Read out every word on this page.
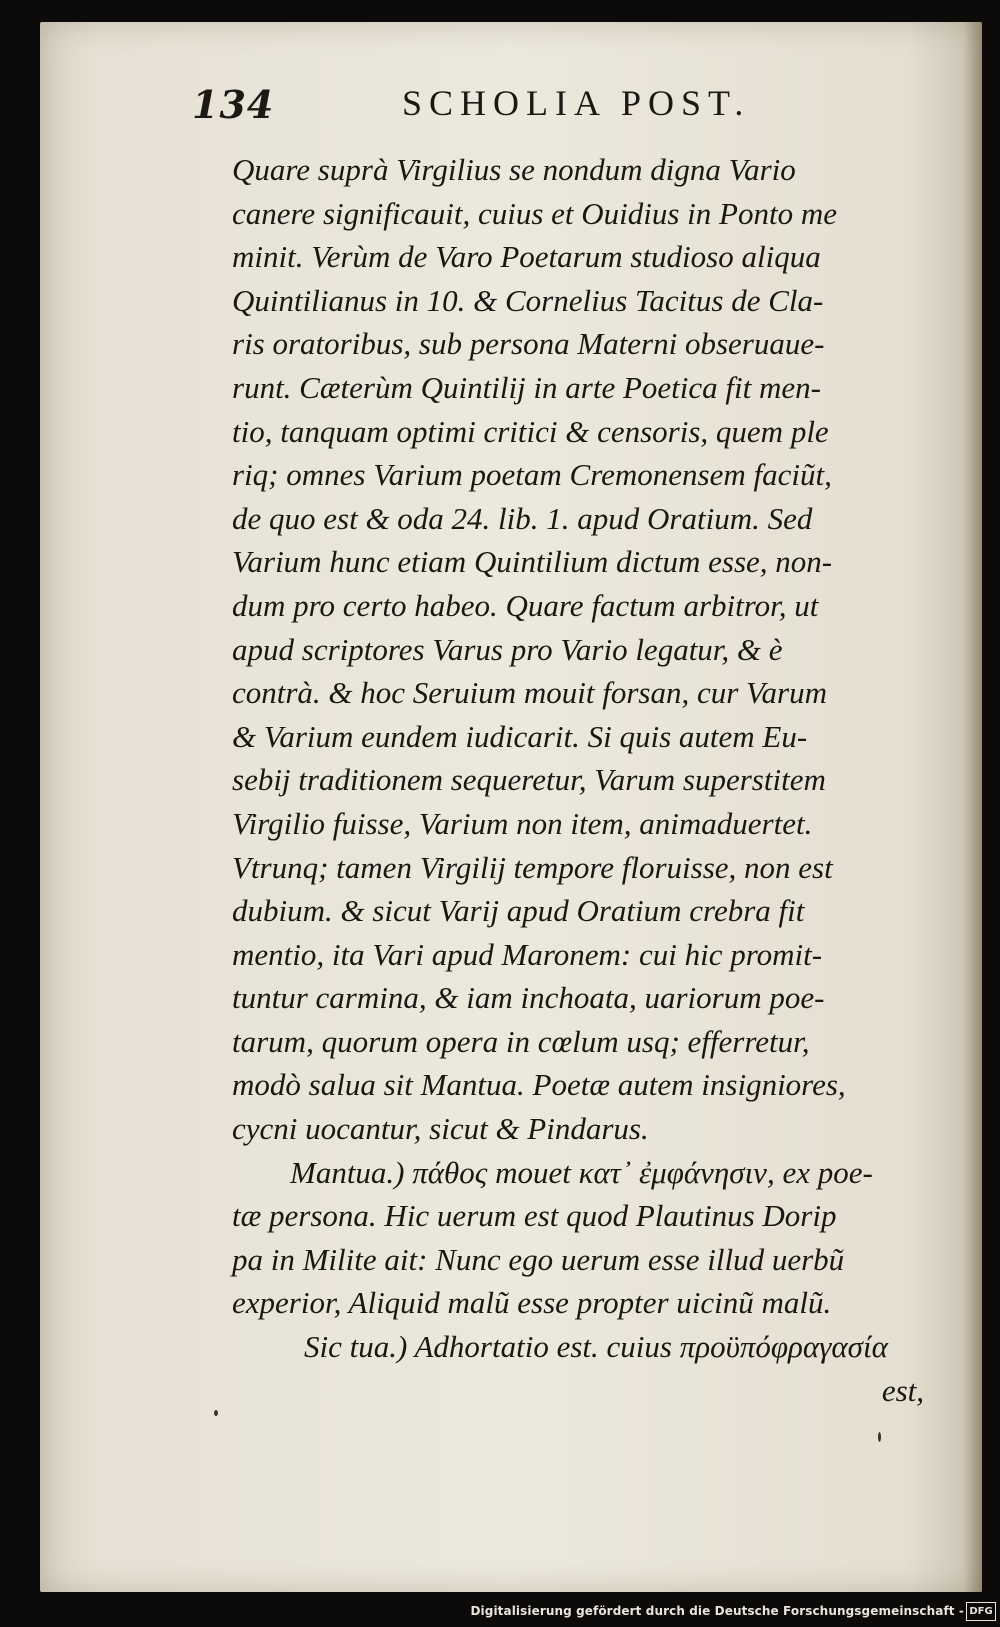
134	SCHOLIA POST.
Quare suprà Virgilius se nondum digna Vario
canere significauit, cuius et Ouidius in Ponto me
minit. Verùm de Varo Poetarum studioso aliqua
Quintilianus in 10. & Cornelius Tacitus de Cla-
ris oratoribus, sub persona Materni obseruaue-
runt. Cæterùm Quintilij in arte Poetica fit men-
tio, tanquam optimi critici & censoris, quem ple
riq; omnes Varium poetam Cremonensem faciũt,
de quo est & oda 24. lib. 1. apud Oratium. Sed
Varium hunc etiam Quintilium dictum esse, non-
dum pro certo habeo. Quare factum arbitror, ut
apud scriptores Varus pro Vario legatur, & è
contrà. & hoc Seruium mouit forsan, cur Varum
& Varium eundem iudicarit. Si quis autem Eu-
sebij traditionem sequeretur, Varum superstitem
Virgilio fuisse, Varium non item, animaduertet.
Vtrunq; tamen Virgilij tempore floruisse, non est
dubium. & sicut Varij apud Oratium crebra fit
mentio, ita Vari apud Maronem: cui hic promit-
tuntur carmina, & iam inchoata, uariorum poe-
tarum, quorum opera in cœlum usq; efferretur,
modò salua sit Mantua. Poetæ autem insigniores,
cycni uocantur, sicut & Pindarus.
Mantua.) πάθος mouet κατ᾽ ἐμφάνησιν, ex poe-
tæ persona. Hic uerum est quod Plautinus Dorip
pa in Milite ait: Nunc ego uerum esse illud uerbũ
experior, Aliquid malũ esse propter uicinũ malũ.
Sic tua.) Adhortatio est. cuius προϋπόφραγασία
est,
Digitalisierung gefördert durch die Deutsche Forschungsgemeinschaft - DFG
